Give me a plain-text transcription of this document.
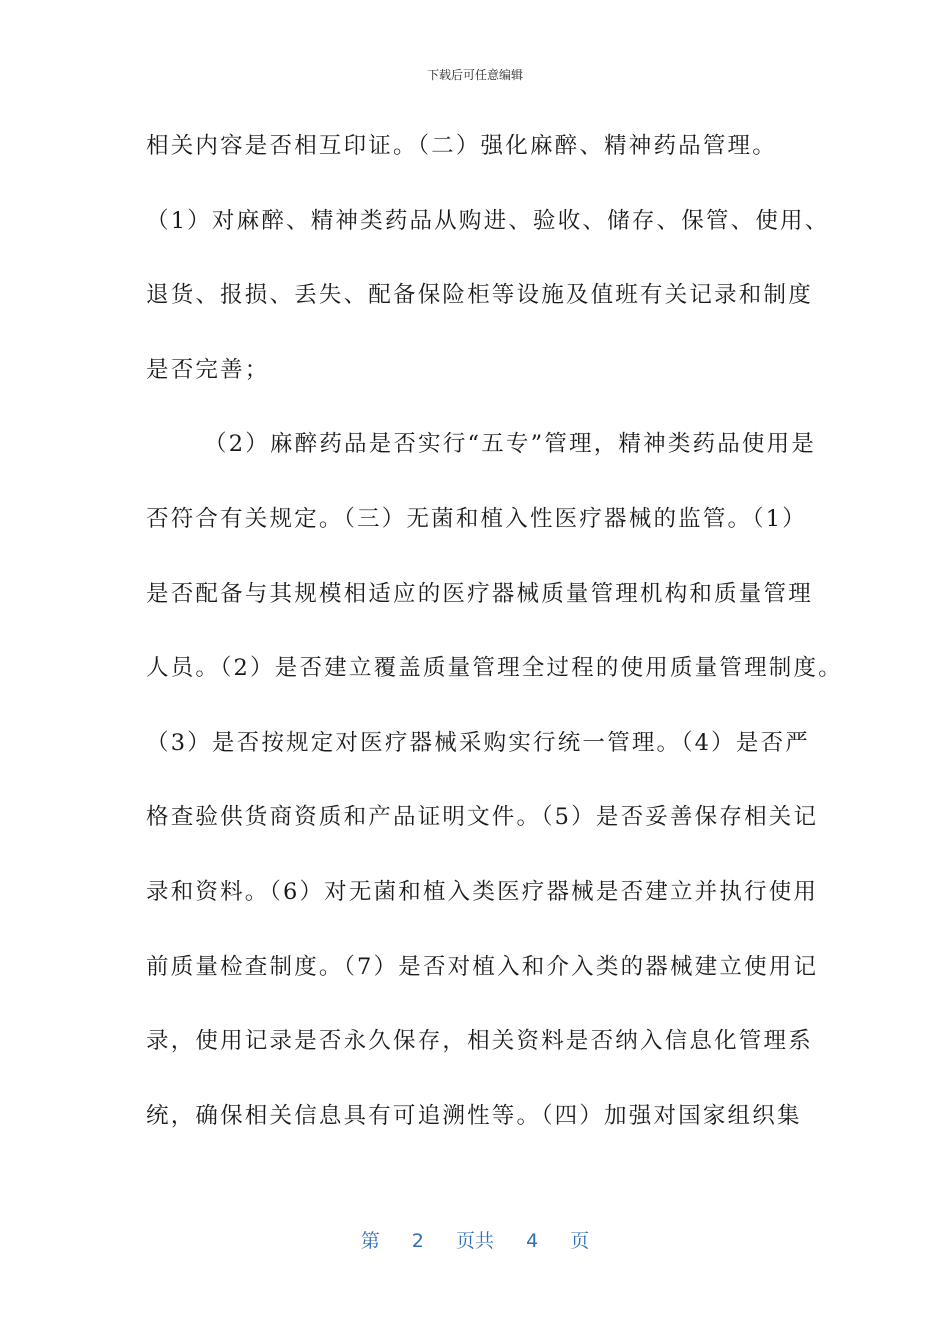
下载后可任意编辑
相关内容是否相互印证。（二）强化麻醉、精神药品管理。
（1）对麻醉、精神类药品从购进、验收、储存、保管、使用、
退货、报损、丢失、配备保险柜等设施及值班有关记录和制度
是否完善；
（2）麻醉药品是否实行“五专”管理，精神类药品使用是
否符合有关规定。（三）无菌和植入性医疗器械的监管。（1）
是否配备与其规模相适应的医疗器械质量管理机构和质量管理
人员。（2）是否建立覆盖质量管理全过程的使用质量管理制度。
（3）是否按规定对医疗器械采购实行统一管理。（4）是否严
格查验供货商资质和产品证明文件。（5）是否妥善保存相关记
录和资料。（6）对无菌和植入类医疗器械是否建立并执行使用
前质量检查制度。（7）是否对植入和介入类的器械建立使用记
录，使用记录是否永久保存，相关资料是否纳入信息化管理系
统，确保相关信息具有可追溯性等。（四）加强对国家组织集
第 2 页共 4 页
